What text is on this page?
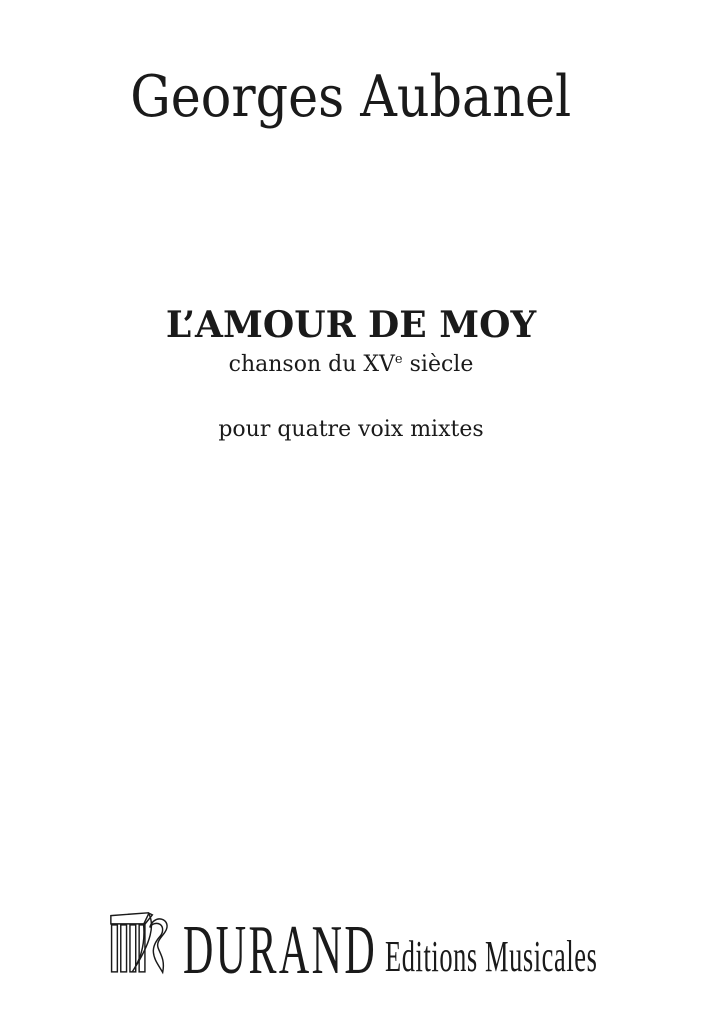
Georges Aubanel
L’AMOUR DE MOY
chanson du XVe siècle
pour quatre voix mixtes
DURAND Editions Musicales
